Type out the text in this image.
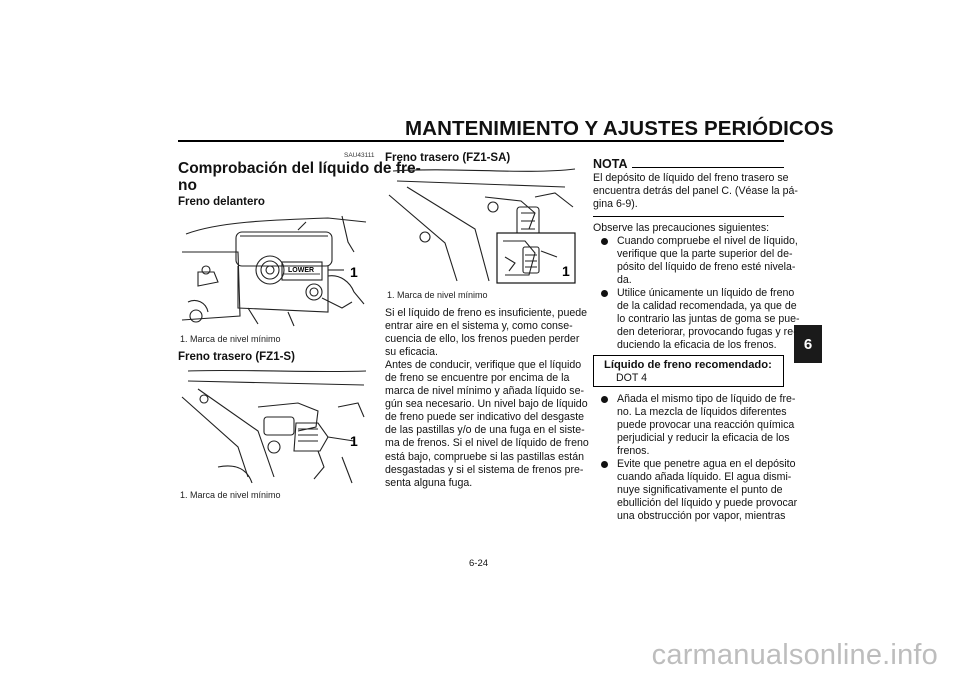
MANTENIMIENTO Y AJUSTES PERIÓDICOS
6
SAU43111
Comprobación del líquido de fre-
no
Freno delantero
LOWER	1
1. Marca de nivel mínimo
Freno trasero (FZ1-S)
1
1. Marca de nivel mínimo
Freno trasero (FZ1-SA)
1
1. Marca de nivel mínimo
Si el líquido de freno es insuficiente, puede
entrar aire en el sistema y, como conse-
cuencia de ello, los frenos pueden perder
su eficacia.
Antes de conducir, verifique que el líquido
de freno se encuentre por encima de la
marca de nivel mínimo y añada líquido se-
gún sea necesario. Un nivel bajo de líquido
de freno puede ser indicativo del desgaste
de las pastillas y/o de una fuga en el siste-
ma de frenos. Si el nivel de líquido de freno
está bajo, compruebe si las pastillas están
desgastadas y si el sistema de frenos pre-
senta alguna fuga.
NOTA
El depósito de líquido del freno trasero se
encuentra detrás del panel C. (Véase la pá-
gina 6-9).
Observe las precauciones siguientes:
Cuando compruebe el nivel de líquido,
verifique que la parte superior del de-
pósito del líquido de freno esté nivela-
da.
Utilice únicamente un líquido de freno
de la calidad recomendada, ya que de
lo contrario las juntas de goma se pue-
den deteriorar, provocando fugas y re-
duciendo la eficacia de los frenos.
Líquido de freno recomendado:
DOT 4
Añada el mismo tipo de líquido de fre-
no. La mezcla de líquidos diferentes
puede provocar una reacción química
perjudicial y reducir la eficacia de los
frenos.
Evite que penetre agua en el depósito
cuando añada líquido. El agua dismi-
nuye significativamente el punto de
ebullición del líquido y puede provocar
una obstrucción por vapor, mientras
6-24
carmanualsonline.info
